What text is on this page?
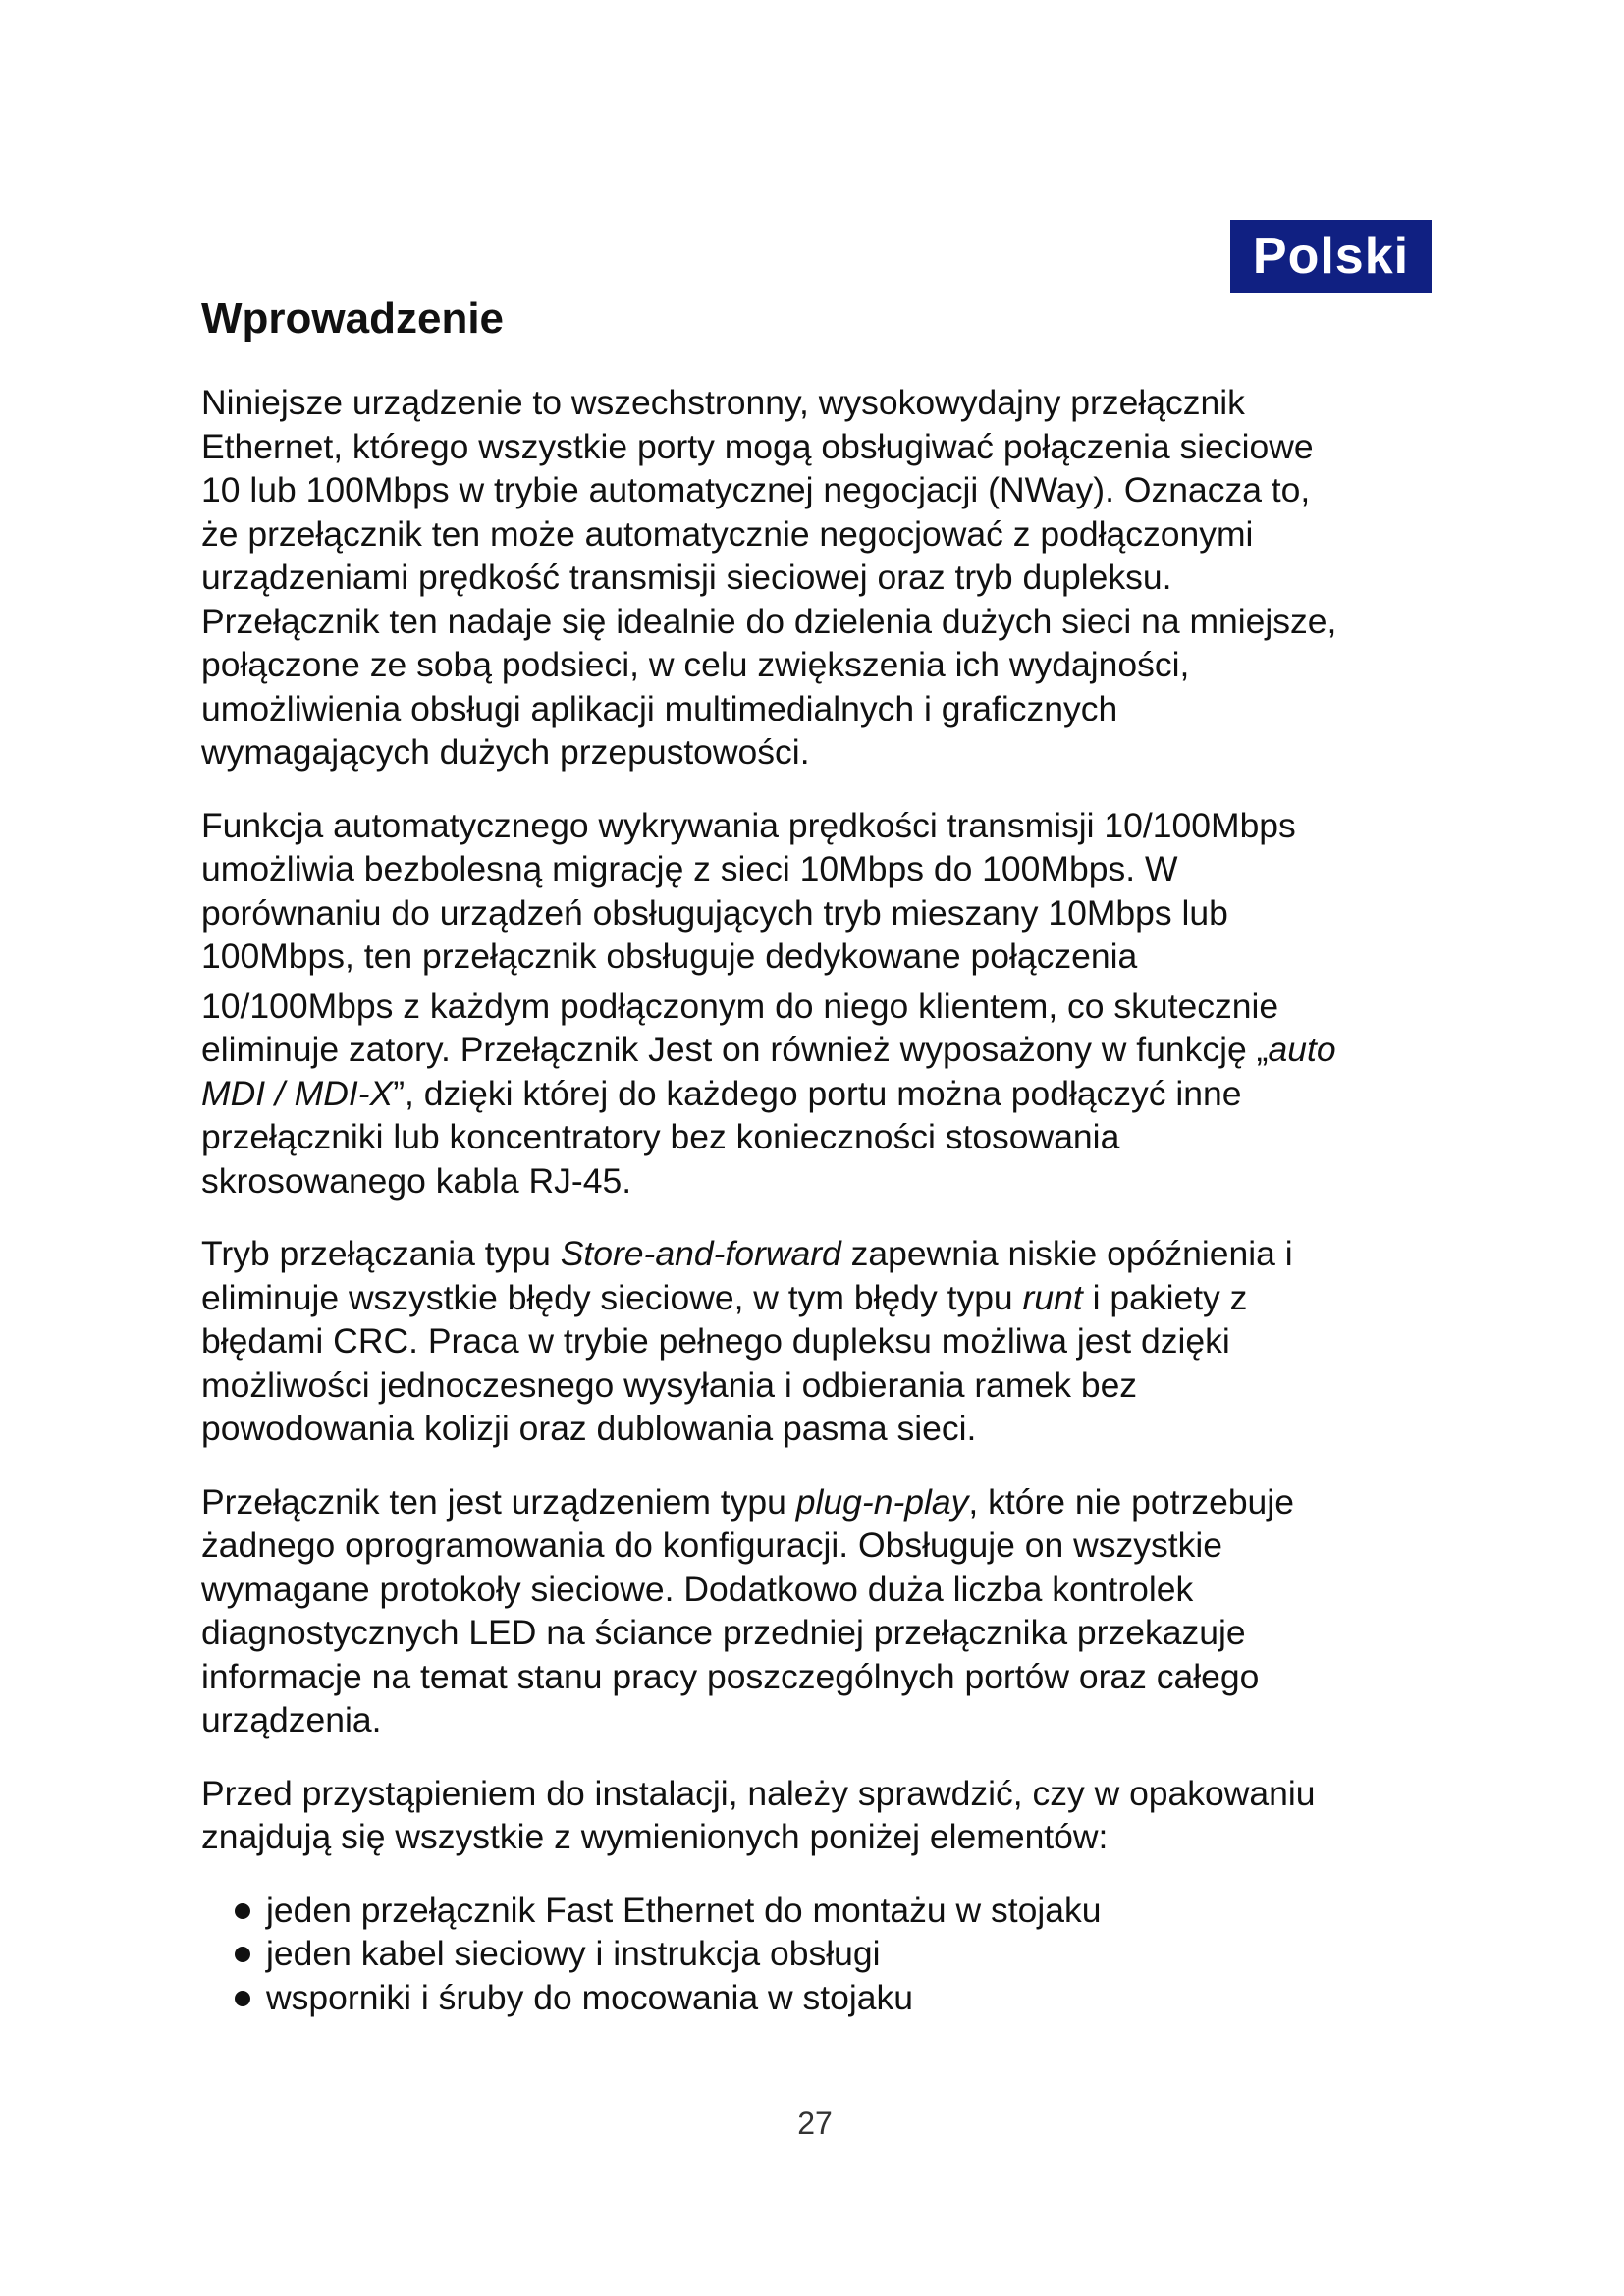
Polski
Wprowadzenie

Niniejsze urządzenie to wszechstronny, wysokowydajny przełącznik
Ethernet, którego wszystkie porty mogą obsługiwać połączenia sieciowe
10 lub 100Mbps w trybie automatycznej negocjacji (NWay). Oznacza to,
że przełącznik ten może automatycznie negocjować z podłączonymi
urządzeniami prędkość transmisji sieciowej oraz tryb dupleksu.
Przełącznik ten nadaje się idealnie do dzielenia dużych sieci na mniejsze,
połączone ze sobą podsieci, w celu zwiększenia ich wydajności,
umożliwienia obsługi aplikacji multimedialnych i graficznych
wymagających dużych przepustowości.

Funkcja automatycznego wykrywania prędkości transmisji 10/100Mbps
umożliwia bezbolesną migrację z sieci 10Mbps do 100Mbps. W
porównaniu do urządzeń obsługujących tryb mieszany 10Mbps lub
100Mbps, ten przełącznik obsługuje dedykowane połączenia
10/100Mbps z każdym podłączonym do niego klientem, co skutecznie
eliminuje zatory. Przełącznik Jest on również wyposażony w funkcję „auto
MDI / MDI-X”, dzięki której do każdego portu można podłączyć inne
przełączniki lub koncentratory bez konieczności stosowania
skrosowanego kabla RJ-45.

Tryb przełączania typu Store-and-forward zapewnia niskie opóźnienia i
eliminuje wszystkie błędy sieciowe, w tym błędy typu runt i pakiety z
błędami CRC. Praca w trybie pełnego dupleksu możliwa jest dzięki
możliwości jednoczesnego wysyłania i odbierania ramek bez
powodowania kolizji oraz dublowania pasma sieci.

Przełącznik ten jest urządzeniem typu plug-n-play, które nie potrzebuje
żadnego oprogramowania do konfiguracji. Obsługuje on wszystkie
wymagane protokoły sieciowe. Dodatkowo duża liczba kontrolek
diagnostycznych LED na ściance przedniej przełącznika przekazuje
informacje na temat stanu pracy poszczególnych portów oraz całego
urządzenia.

Przed przystąpieniem do instalacji, należy sprawdzić, czy w opakowaniu
znajdują się wszystkie z wymienionych poniżej elementów:

jeden przełącznik Fast Ethernet do montażu w stojaku
jeden kabel sieciowy i instrukcja obsługi
wsporniki i śruby do mocowania w stojaku
27
